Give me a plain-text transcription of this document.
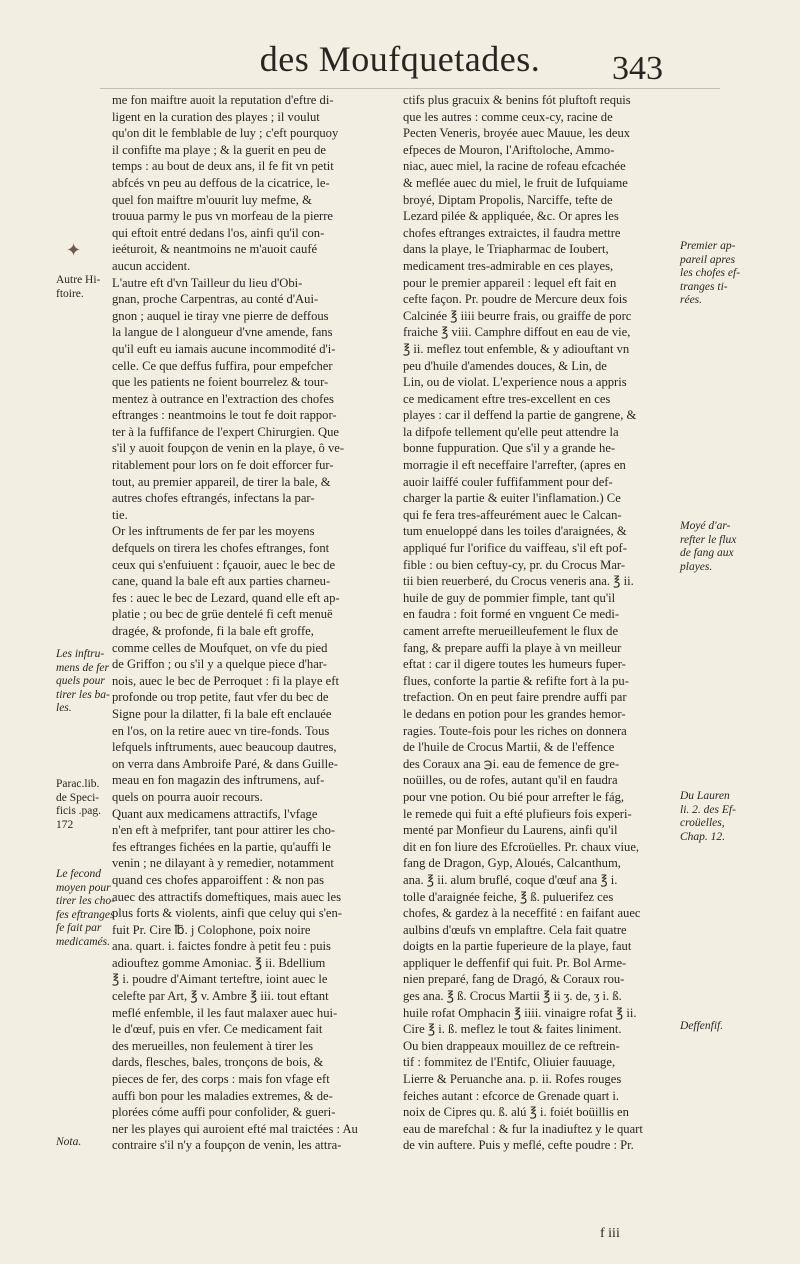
des Moufquetades.	343
✦
me fon maiftre auoit la reputation d'eftre di-
ligent en la curation des playes ; il voulut
qu'on dit le femblable de luy ; c'eft pourquoy
il confifte ma playe ; & la guerit en peu de
temps : au bout de deux ans, il fe fit vn petit
abfcés vn peu au deffous de la cicatrice, le-
quel fon maiftre m'ouurit luy mefme, &
trouua parmy le pus vn morfeau de la pierre
qui eftoit entré dedans l'os, ainfi qu'il con-
ieéturoit, & neantmoins ne m'auoit caufé
aucun accident.
L'autre eft d'vn Tailleur du lieu d'Obi-
gnan, proche Carpentras, au conté d'Aui-
gnon ; auquel ie tiray vne pierre de deffous
la langue de l alongueur d'vne amende, fans
qu'il euft eu iamais aucune incommodité d'i-
celle. Ce que deffus fuffira, pour empefcher
que les patients ne foient bourrelez & tour-
mentez à outrance en l'extraction des chofes
eftranges : neantmoins le tout fe doit rappor-
ter à la fuffifance de l'expert Chirurgien. Que
s'il y auoit foupçon de venin en la playe, ô ve-
ritablement pour lors on fe doit efforcer fur-
tout, au premier appareil, de tirer la bale, &
autres chofes eftrangés, infectans la par-
tie.
Or les inftruments de fer par les moyens
defquels on tirera les chofes eftranges, font
ceux qui s'enfuiuent : fçauoir, auec le bec de
cane, quand la bale eft aux parties charneu-
fes : auec le bec de Lezard, quand elle eft ap-
platie ; ou bec de grüe dentelé fi ceft menuë
dragée, & profonde, fi la bale eft groffe,
comme celles de Moufquet, on vfe du pied
de Griffon ; ou s'il y a quelque piece d'har-
nois, auec le bec de Perroquet : fi la playe eft
profonde ou trop petite, faut vfer du bec de
Signe pour la dilatter, fi la bale eft enclauée
en l'os, on la retire auec vn tire-fonds. Tous
lefquels inftruments, auec beaucoup dautres,
on verra dans Ambroife Paré, & dans Guille-
meau en fon magazin des inftrumens, auf-
quels on pourra auoir recours.
Quant aux medicamens attractifs, l'vfage
n'en eft à mefprifer, tant pour attirer les cho-
fes eftranges fichées en la partie, qu'auffi le
venin ; ne dilayant à y remedier, notamment
quand ces chofes apparoiffent : & non pas
auec des attractifs domeftiques, mais auec les
plus forts & violents, ainfi que celuy qui s'en-
fuit Pr. Cire ℔. j Colophone, poix noire
ana. quart. i. faictes fondre à petit feu : puis
adiouftez gomme Amoniac. ℥ ii. Bdellium
℥ i. poudre d'Aimant terteftre, ioint auec le
celefte par Art, ℥ v. Ambre ℥ iii. tout eftant
meflé enfemble, il les faut malaxer auec hui-
le d'œuf, puis en vfer. Ce medicament fait
des merueilles, non feulement à tirer les
dards, flesches, bales, tronçons de bois, &
pieces de fer, des corps : mais fon vfage eft
auffi bon pour les maladies extremes, & de-
plorées cóme auffi pour confolider, & gueri-
ner les playes qui auroient efté mal traictées : Au
contraire s'il n'y a foupçon de venin, les attra-
ctifs plus gracuix & benins fót pluftoft requis
que les autres : comme ceux-cy, racine de
Pecten Veneris, broyée auec Mauue, les deux
efpeces de Mouron, l'Ariftoloche, Ammo-
niac, auec miel, la racine de rofeau efcachée
& meflée auec du miel, le fruit de Iufquiame
broyé, Diptam Propolis, Narciffe, tefte de
Lezard pilée & appliquée, &c. Or apres les
chofes eftranges extraictes, il faudra mettre
dans la playe, le Triapharmac de Ioubert,
medicament tres-admirable en ces playes,
pour le premier appareil : lequel eft fait en
cefte façon. Pr. poudre de Mercure deux fois
Calcinée ℥ iiii beurre frais, ou graiffe de porc
fraiche ℥ viii. Camphre diffout en eau de vie,
℥ ii. meflez tout enfemble, & y adiouftant vn
peu d'huile d'amendes douces, & Lin, de
Lin, ou de violat. L'experience nous a appris
ce medicament eftre tres-excellent en ces
playes : car il deffend la partie de gangrene, &
la difpofe tellement qu'elle peut attendre la
bonne fuppuration. Que s'il y a grande he-
morragie il eft neceffaire l'arrefter, (apres en
auoir laiffé couler fuffifamment pour def-
charger la partie & euiter l'inflamation.) Ce
qui fe fera tres-affeurément auec le Calcan-
tum enueloppé dans les toiles d'araignées, &
appliqué fur l'orifice du vaiffeau, s'il eft pof-
fible : ou bien ceftuy-cy, pr. du Crocus Mar-
tii bien reuerberé, du Crocus veneris ana. ℥ ii.
huile de guy de pommier fimple, tant qu'il
en faudra : foit formé en vnguent Ce medi-
cament arrefte merueilleufement le flux de
fang, & prepare auffi la playe à vn meilleur
eftat : car il digere toutes les humeurs fuper-
flues, conforte la partie & refifte fort à la pu-
trefaction. On en peut faire prendre auffi par
le dedans en potion pour les grandes hemor-
ragies. Toute-fois pour les riches on donnera
de l'huile de Crocus Martii, & de l'effence
des Coraux ana ℈i. eau de femence de gre-
noüilles, ou de rofes, autant qu'il en faudra
pour vne potion. Ou bié pour arrefter le fág,
le remede qui fuit a efté plufieurs fois experi-
menté par Monfieur du Laurens, ainfi qu'il
dit en fon liure des Efcroüelles. Pr. chaux viue,
fang de Dragon, Gyp, Aloués, Calcanthum,
ana. ℥ ii. alum bruflé, coque d'œuf ana ℥ i.
tolle d'araignée feiche, ℥ ß. puluerifez ces
chofes, & gardez à la neceffité : en faifant auec
aulbins d'œufs vn emplaftre. Cela fait quatre
doigts en la partie fuperieure de la playe, faut
appliquer le deffenfif qui fuit. Pr. Bol Arme-
nien preparé, fang de Dragó, & Coraux rou-
ges ana. ℥ ß. Crocus Martii ℥ ii ʒ. de, ʒ i. ß.
huile rofat Omphacin ℥ iiii. vinaigre rofat ℥ ii.
Cire ℥ i. ß. meflez le tout & faites liniment.
Ou bien drappeaux mouillez de ce reftrein-
tif : fommitez de l'Entifc, Oliuier fauuage,
Lierre & Peruanche ana. p. ii. Rofes rouges
feiches autant : efcorce de Grenade quart i.
noix de Cipres qu. ß. alú ℥ i. foiét boüillis en
eau de marefchal : & fur la inadiuftez y le quart
de vin auftere. Puis y meflé, cefte poudre : Pr.
Autre Hi-
ftoire.
Les inftru-
mens de fer
quels pour
tirer les ba-
les.
Parac.lib.
de Speci-
ficis .pag.
172
Le fecond
moyen pour
tirer les cho-
fes eftranges
fe fait par
medicamés.
Nota.
Premier ap-
pareil apres
les chofes ef-
tranges ti-
rées.
Moyé d'ar-
refter le flux
de fang aux
playes.
Du Lauren
li. 2. des Ef-
croüelles,
Chap. 12.
Deffenfif.
f iii
